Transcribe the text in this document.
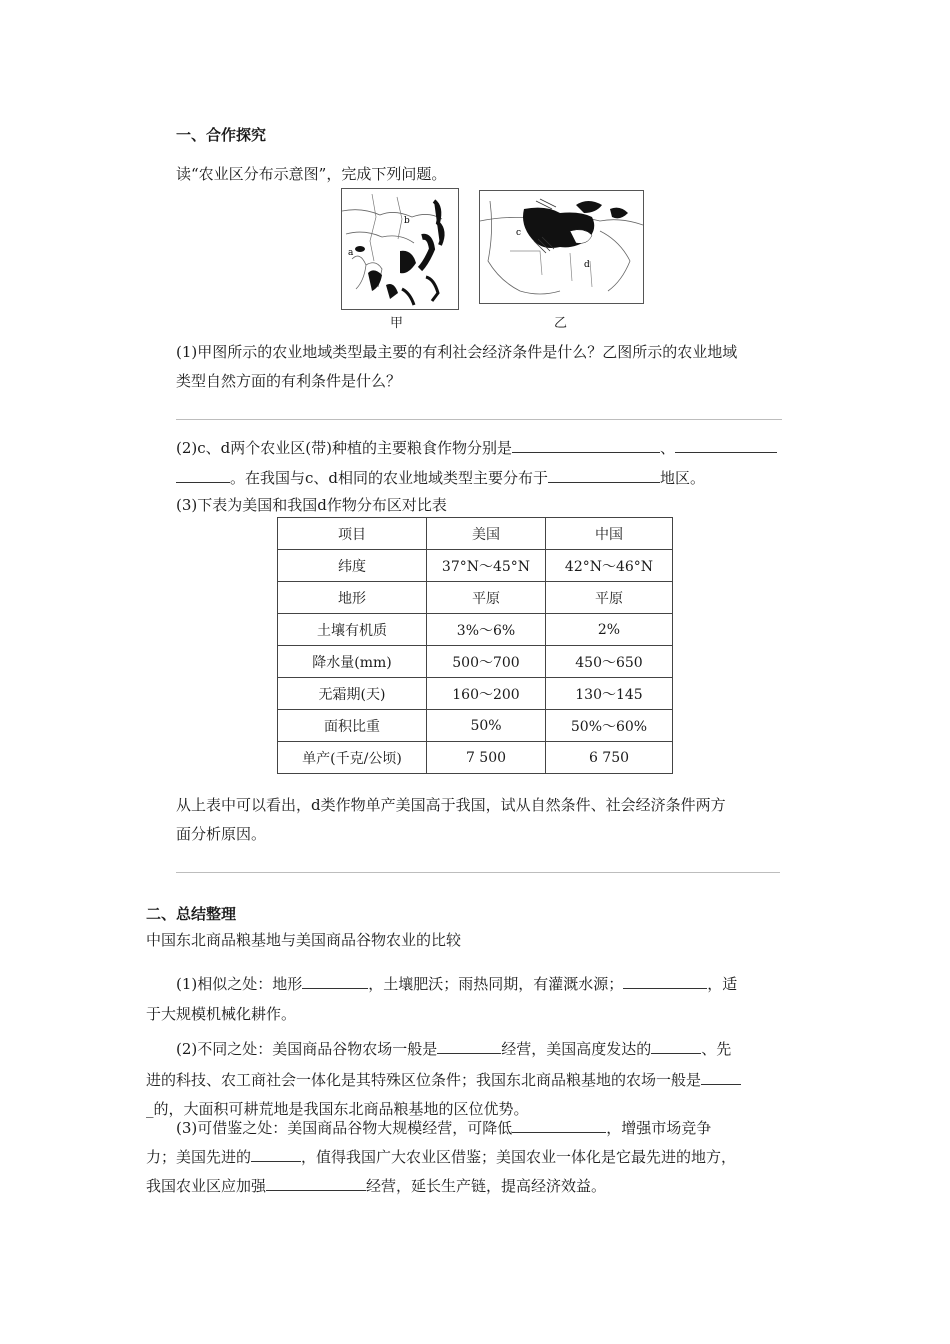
一、合作探究
读“农业区分布示意图”，完成下列问题。
b
a
甲
d
c
乙
(1)甲图所示的农业地域类型最主要的有利社会经济条件是什么？乙图所示的农业地域
类型自然方面的有利条件是什么？
(2)c、d两个农业区(带)种植的主要粮食作物分别是	、
。在我国与c、d相同的农业地域类型主要分布于	地区。
(3)下表为美国和我国d作物分布区对比表
项目	美国	中国
纬度	37°N～45°N	42°N～46°N
地形	平原	平原
土壤有机质	3%～6%	2%
降水量(mm)	500～700	450～650
无霜期(天)	160～200	130～145
面积比重	50%	50%～60%
单产(千克/公顷)	7 500	6 750
从上表中可以看出，d类作物单产美国高于我国，试从自然条件、社会经济条件两方
面分析原因。
二、总结整理
中国东北商品粮基地与美国商品谷物农业的比较
(1)相似之处：地形	，土壤肥沃；雨热同期，有灌溉水源；	，适
于大规模机械化耕作。
(2)不同之处：美国商品谷物农场一般是	经营，美国高度发达的	、先
进的科技、农工商社会一体化是其特殊区位条件；我国东北商品粮基地的农场一般是
_的，大面积可耕荒地是我国东北商品粮基地的区位优势。
(3)可借鉴之处：美国商品谷物大规模经营，可降低	，增强市场竞争
力；美国先进的	，值得我国广大农业区借鉴；美国农业一体化是它最先进的地方，
我国农业区应加强	经营，延长生产链，提高经济效益。
